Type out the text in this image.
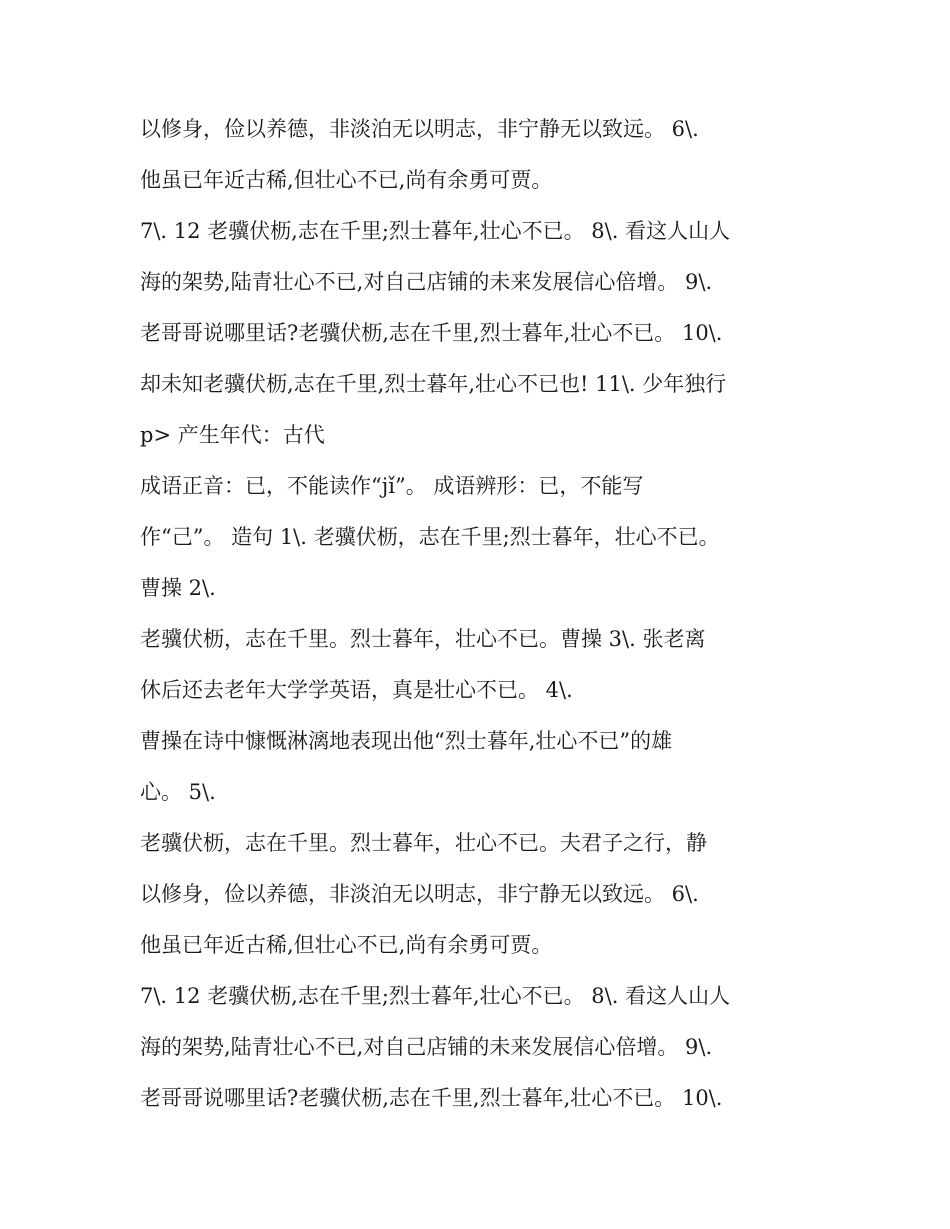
以修身，俭以养德，非淡泊无以明志，非宁静无以致远。 6\.
他虽已年近古稀,但壮心不已,尚有余勇可贾。
7\. 12 老骥伏枥,志在千里;烈士暮年,壮心不已。 8\. 看这人山人
海的架势,陆青壮心不已,对自己店铺的未来发展信心倍增。 9\.
老哥哥说哪里话?老骥伏枥,志在千里,烈士暮年,壮心不已。 10\.
却未知老骥伏枥,志在千里,烈士暮年,壮心不已也! 11\. 少年独行
p> 产生年代：古代
成语正音：已，不能读作“jǐ”。 成语辨形：已，不能写
作“己”。 造句 1\. 老骥伏枥，志在千里;烈士暮年，壮心不已。
曹操 2\.
老骥伏枥，志在千里。烈士暮年，壮心不已。曹操 3\. 张老离
休后还去老年大学学英语，真是壮心不已。 4\.
曹操在诗中慷慨淋漓地表现出他“烈士暮年,壮心不已”的雄
心。 5\.
老骥伏枥，志在千里。烈士暮年，壮心不已。夫君子之行，静
以修身，俭以养德，非淡泊无以明志，非宁静无以致远。 6\.
他虽已年近古稀,但壮心不已,尚有余勇可贾。
7\. 12 老骥伏枥,志在千里;烈士暮年,壮心不已。 8\. 看这人山人
海的架势,陆青壮心不已,对自己店铺的未来发展信心倍增。 9\.
老哥哥说哪里话?老骥伏枥,志在千里,烈士暮年,壮心不已。 10\.
